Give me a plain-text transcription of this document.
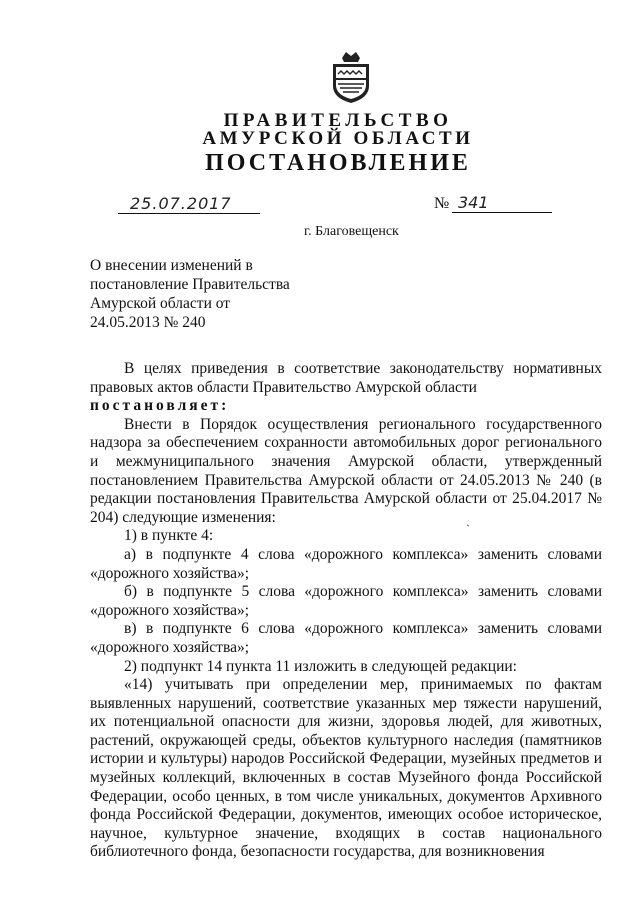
ПРАВИТЕЛЬСТВО
АМУРСКОЙ ОБЛАСТИ
ПОСТАНОВЛЕНИЕ
25.07.2017	№ 341
г. Благовещенск
О внесении изменений в
постановление Правительства
Амурской области от
24.05.2013 № 240

В целях приведения в соответствие законодательству нормативных правовых актов области Правительство Амурской области

постановляет:

Внести в Порядок осуществления регионального государственного надзора за обеспечением сохранности автомобильных дорог регионального и межмуниципального значения Амурской области, утвержденный постановлением Правительства Амурской области от 24.05.2013 № 240 (в редакции постановления Правительства Амурской области от 25.04.2017 № 204) следующие изменения:

1) в пункте 4:

а) в подпункте 4 слова «дорожного комплекса» заменить словами «дорожного хозяйства»;

б) в подпункте 5 слова «дорожного комплекса» заменить словами «дорожного хозяйства»;

в) в подпункте 6 слова «дорожного комплекса» заменить словами «дорожного хозяйства»;

2) подпункт 14 пункта 11 изложить в следующей редакции:

«14) учитывать при определении мер, принимаемых по фактам выявленных нарушений, соответствие указанных мер тяжести нарушений, их потенциальной опасности для жизни, здоровья людей, для животных, растений, окружающей среды, объектов культурного наследия (памятников истории и культуры) народов Российской Федерации, музейных предметов и музейных коллекций, включенных в состав Музейного фонда Российской Федерации, особо ценных, в том числе уникальных, документов Архивного фонда Российской Федерации, документов, имеющих особое историческое, научное, культурное значение, входящих в состав национального библиотечного фонда, безопасности государства, для возникновения

ˎ
